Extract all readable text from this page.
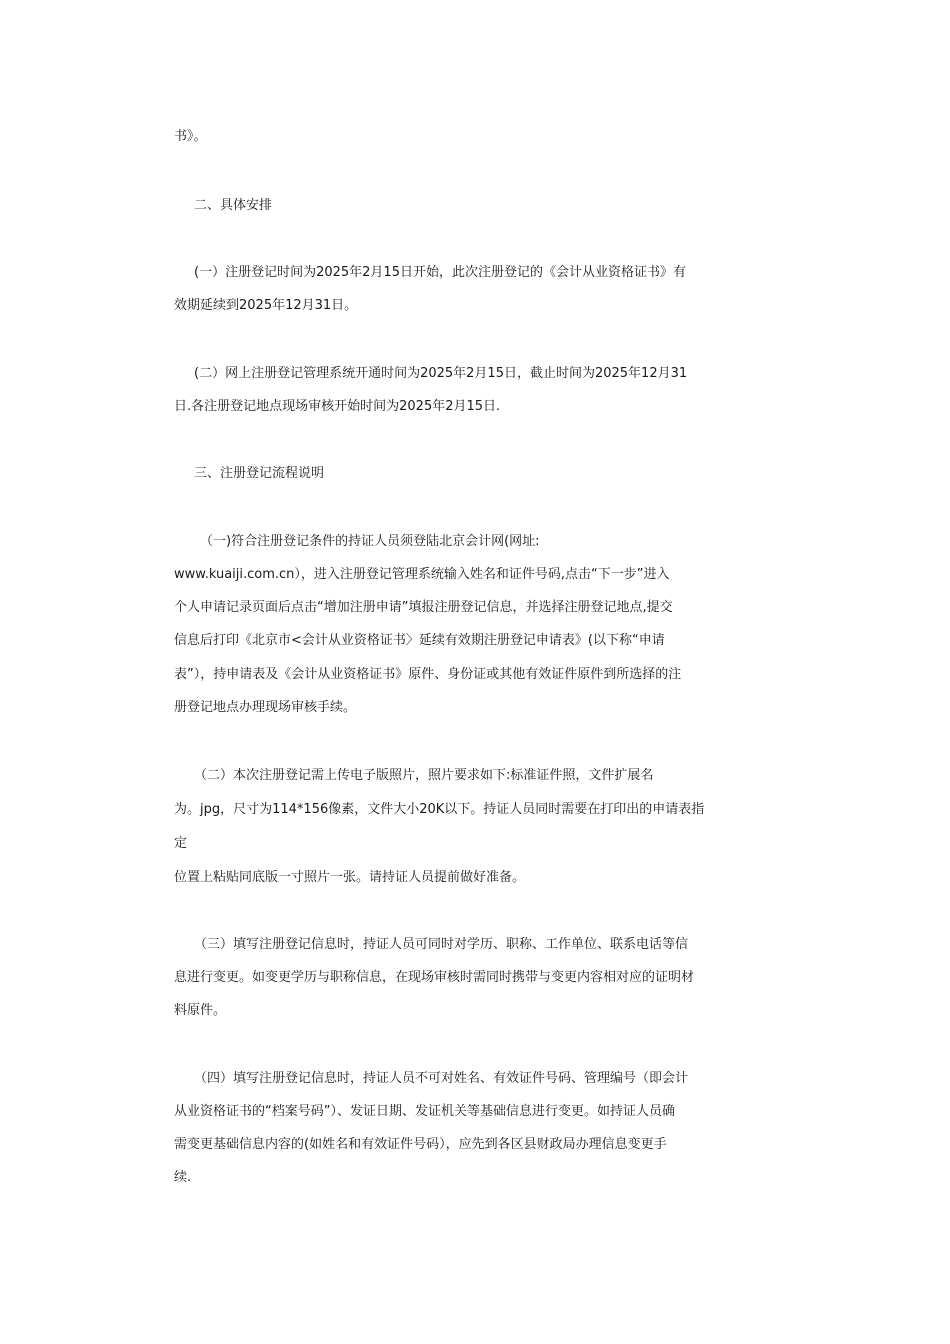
书》。
二、具体安排
(一）注册登记时间为2025年2月15日开始，此次注册登记的《会计从业资格证书》有
效期延续到2025年12月31日。
(二）网上注册登记管理系统开通时间为2025年2月15日，截止时间为2025年12月31
日.各注册登记地点现场审核开始时间为2025年2月15日.
三、注册登记流程说明
（一)符合注册登记条件的持证人员须登陆北京会计网(网址:
www.kuaiji.com.cn），进入注册登记管理系统输入姓名和证件号码,点击“下一步”进入
个人申请记录页面后点击“增加注册申请”填报注册登记信息，并选择注册登记地点,提交
信息后打印《北京市<会计从业资格证书〉延续有效期注册登记申请表》(以下称“申请
表”），持申请表及《会计从业资格证书》原件、身份证或其他有效证件原件到所选择的注
册登记地点办理现场审核手续。
（二）本次注册登记需上传电子版照片，照片要求如下:标准证件照，文件扩展名
为。jpg，尺寸为114*156像素，文件大小20K以下。持证人员同时需要在打印出的申请表指
定
位置上粘贴同底版一寸照片一张。请持证人员提前做好准备。
（三）填写注册登记信息时，持证人员可同时对学历、职称、工作单位、联系电话等信
息进行变更。如变更学历与职称信息，在现场审核时需同时携带与变更内容相对应的证明材
料原件。
（四）填写注册登记信息时，持证人员不可对姓名、有效证件号码、管理编号（即会计
从业资格证书的“档案号码”）、发证日期、发证机关等基础信息进行变更。如持证人员确
需变更基础信息内容的(如姓名和有效证件号码），应先到各区县财政局办理信息变更手
续.
